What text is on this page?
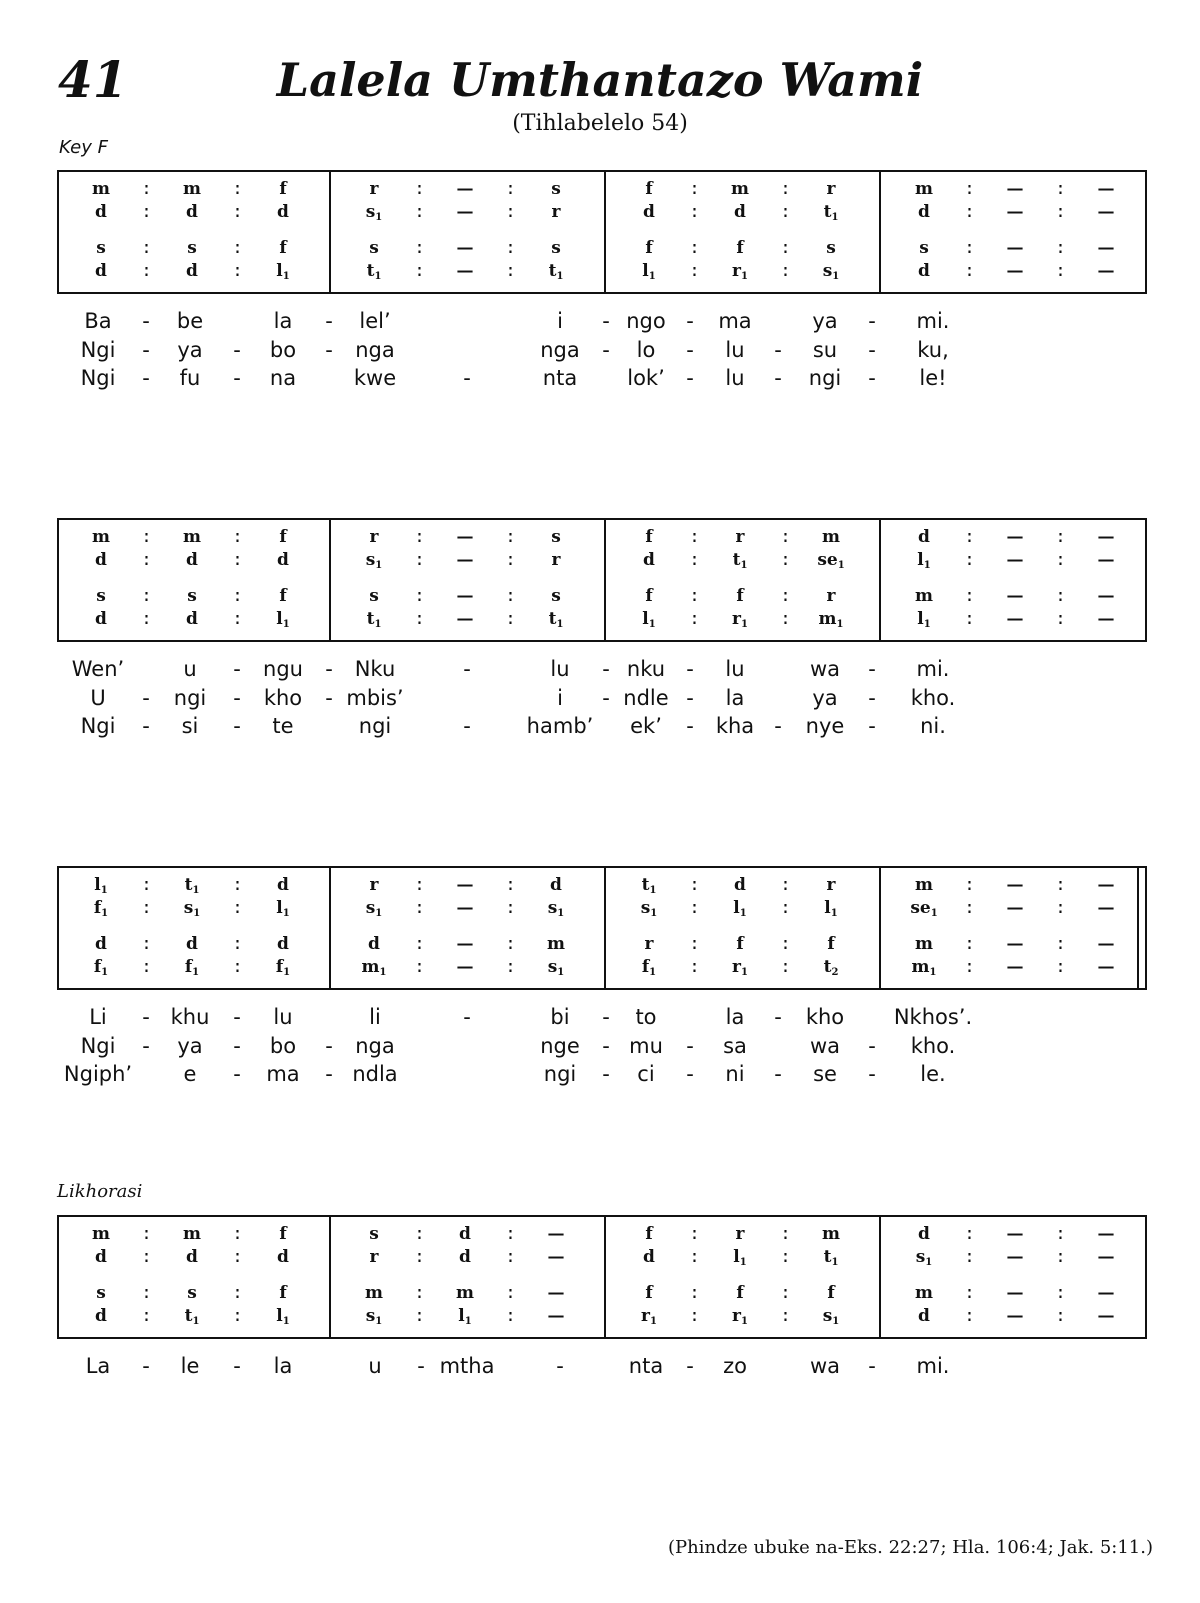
41	Lalela Umthantazo Wami
(Tihlabelelo 54)
Key F
Likhorasi
m	:	m	:	f	r	:	—	:	s	f	:	m	:	r	m	:	—	:	—
d	:	d	:	d	$s_1$	:	—	:	r	d	:	d	:	$t_1$	d	:	—	:	—
s	:	s	:	f	s	:	—	:	s	f	:	f	:	s	s	:	—	:	—
d	:	d	:	$l_1$	$t_1$	:	—	:	$t_1$	$l_1$	:	$r_1$	:	$s_1$	d	:	—	:	—
Ba - be	la - lel’	i - ngo - ma	ya - mi.
Ngi - ya - bo - nga	nga - lo - lu - su - ku,
Ngi - fu - na	kwe	-	nta lok’ - lu - ngi - le!
m	:	m	:	f	r	:	—	:	s	f	:	r	:	m	d	:	—	:	—
d	:	d	:	d	$s_1$	:	—	:	r	d	:	$t_1$	:	$se_1$	$l_1$	:	—	:	—
s	:	s	:	f	s	:	—	:	s	f	:	f	:	r	m	:	—	:	—
d	:	d	:	$l_1$	$t_1$	:	—	:	$t_1$	$l_1$	:	$r_1$	:	$m_1$	$l_1$	:	—	:	—
Wen’	u - ngu - Nku	-	lu - nku - lu	wa - mi.
U - ngi - kho - mbis’	i - ndle - la	ya - kho.
Ngi - si - te	ngi	-	hamb’ ek’ - kha - nye - ni.
$l_1$	:	$t_1$	:	d	r	:	—	:	d	$t_1$	:	d	:	r	m	:	—	:	—
$f_1$	:	$s_1$	:	$l_1$	$s_1$	:	—	:	$s_1$	$s_1$	:	$l_1$	:	$l_1$	$se_1$	:	—	:	—
d	:	d	:	d	d	:	—	:	m	r	:	f	:	f	m	:	—	:	—
$f_1$	:	$f_1$	:	$f_1$	$m_1$	:	—	:	$s_1$	$f_1$	:	$r_1$	:	$t_2$	$m_1$	:	—	:	—
Li - khu - lu	li	-	bi - to	la - kho Nkhos’.
Ngi - ya - bo - nga	nge - mu - sa	wa - kho.
Ngiph’ e - ma - ndla	ngi - ci - ni - se - le.
m	:	m	:	f	s	:	d	:	—	f	:	r	:	m	d	:	—	:	—
d	:	d	:	d	r	:	d	:	—	d	:	$l_1$	:	$t_1$	$s_1$	:	—	:	—
s	:	s	:	f	m	:	m	:	—	f	:	f	:	f	m	:	—	:	—
d	:	$t_1$	:	$l_1$	$s_1$	:	$l_1$	:	—	$r_1$	:	$r_1$	:	$s_1$	d	:	—	:	—
La - le - la	u - mtha	-	nta - zo	wa - mi.
(Phindze ubuke na-Eks. 22:27; Hla. 106:4; Jak. 5:11.)
